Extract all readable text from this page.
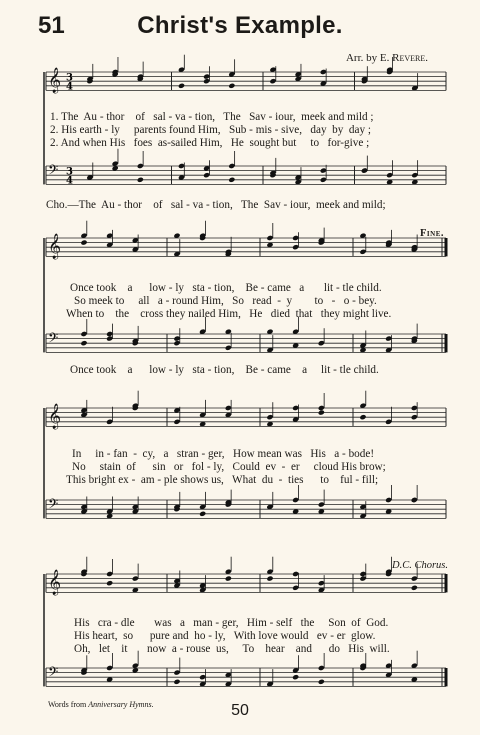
51	Christ's Example.
Arr. by E. Revere.
𝄞 3
4
𝄢 3
4
1. The  Au - thor    of   sal - va - tion,   The   Sav - iour,  meek and mild ;
2. His earth - ly     parents found Him,   Sub - mis - sive,   day  by  day ;
2. And when His   foes  as-sailed Him,   He  sought but     to   for-give ;
Cho.—The  Au - thor    of   sal - va - tion,   The  Sav - iour,  meek and mild;
Fine.
𝄞
𝄢
Once took    a      low - ly   sta - tion,    Be - came   a       lit - tle child.
So meek to     all   a - round Him,   So   read  -  y        to   -   o - bey.
When to    the    cross they nailed Him,   He   died  that   they might live.
Once took    a      low - ly   sta - tion,    Be - came    a     lit - tle child.
𝄞
𝄢
In     in - fan  -  cy,   a   stran - ger,   How mean was   His   a - bode!
No     stain  of      sin   or   fol - ly,   Could  ev  -  er     cloud His brow;
This bright ex -  am - ple shows us,   What  du  -  ties      to    ful - fill;
D.C. Chorus.
𝄞
𝄢
His   cra - dle       was   a   man - ger,   Him - self   the     Son  of  God.
His heart,  so      pure and  ho - ly,   With love would   ev - er  glow.
Oh,   let    it       now  a - rouse  us,     To    hear    and      do   His  will.
Words from Anniversary Hymns.	50
